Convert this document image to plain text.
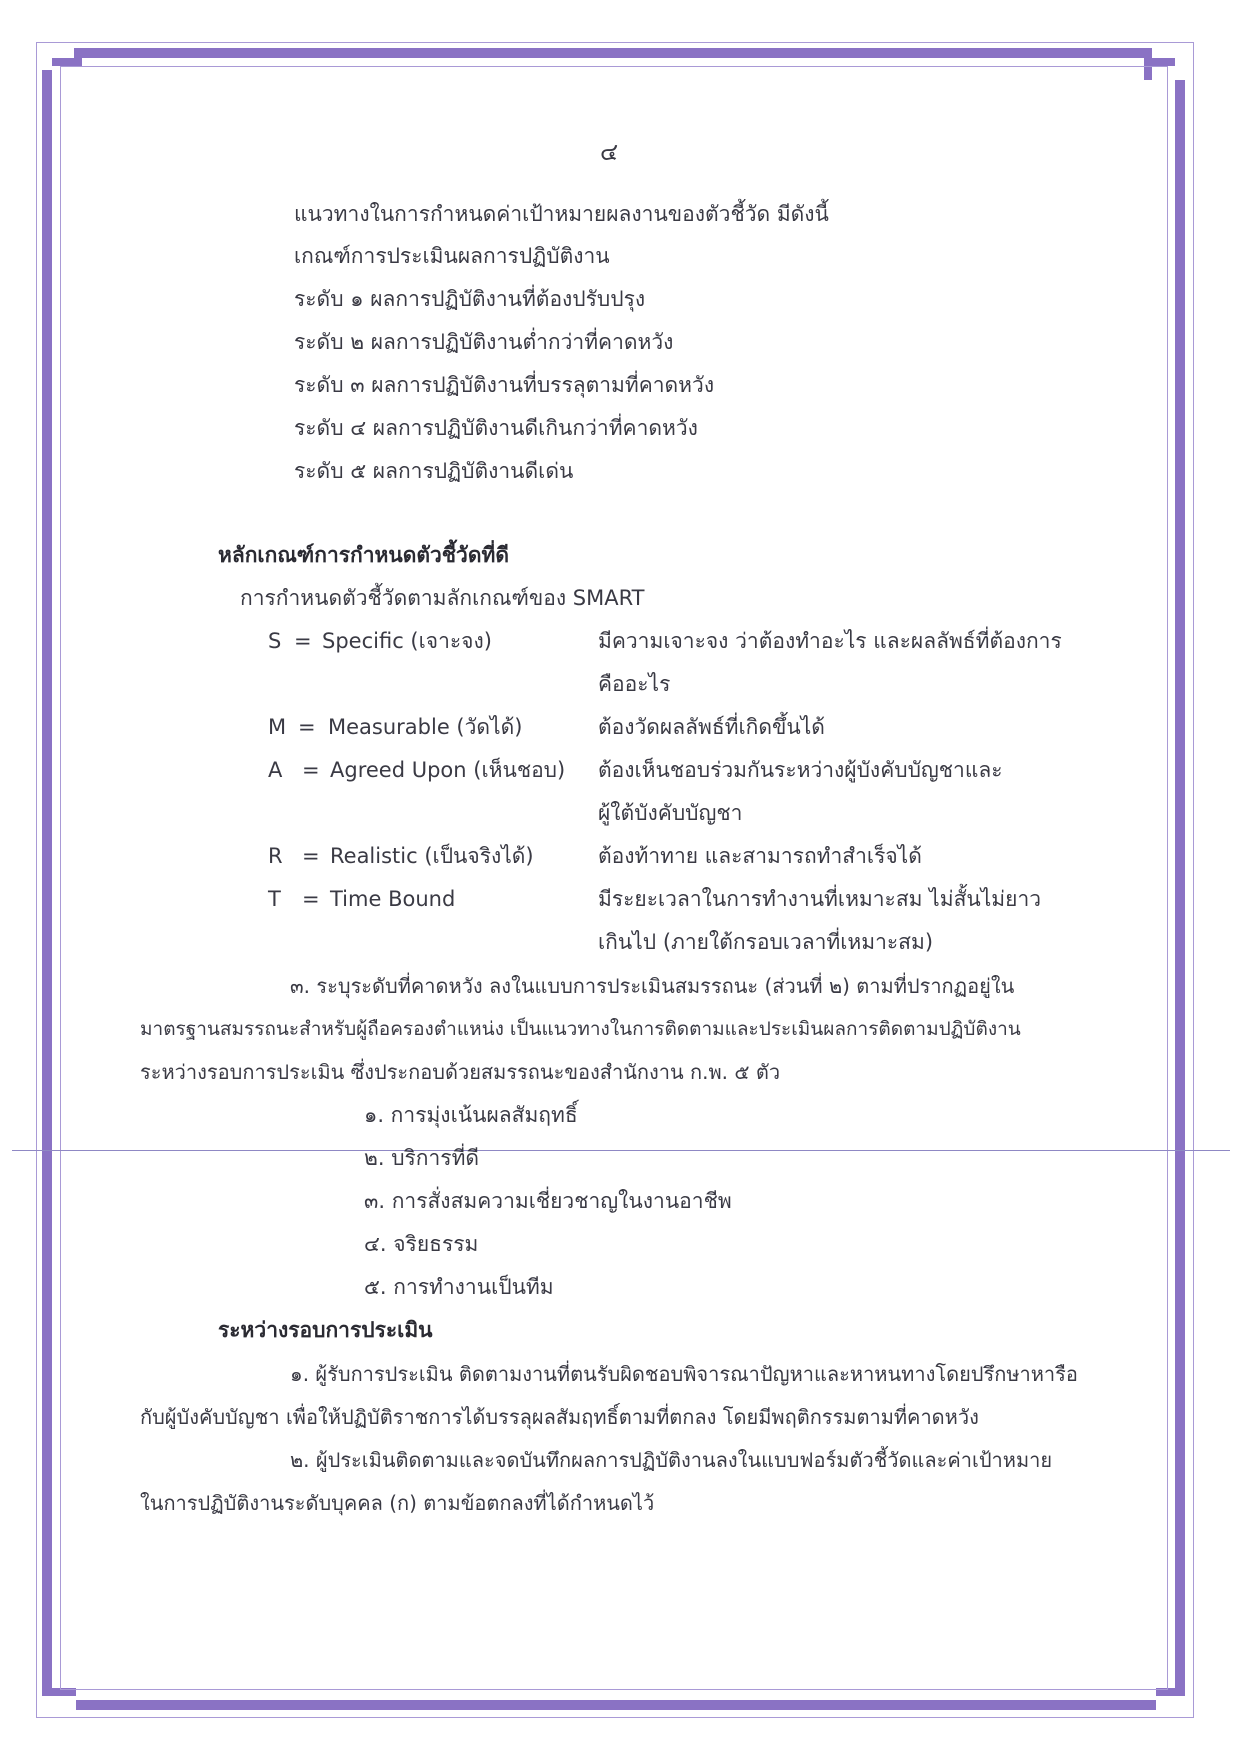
๔
แนวทางในการกำหนดค่าเป้าหมายผลงานของตัวชี้วัด มีดังนี้
เกณฑ์การประเมินผลการปฏิบัติงาน
ระดับ ๑ ผลการปฏิบัติงานที่ต้องปรับปรุง
ระดับ ๒ ผลการปฏิบัติงานต่ำกว่าที่คาดหวัง
ระดับ ๓ ผลการปฏิบัติงานที่บรรลุตามที่คาดหวัง
ระดับ ๔ ผลการปฏิบัติงานดีเกินกว่าที่คาดหวัง
ระดับ ๕ ผลการปฏิบัติงานดีเด่น
หลักเกณฑ์การกำหนดตัวชี้วัดที่ดี
การกำหนดตัวชี้วัดตามลักเกณฑ์ของ SMART
S = Specific (เจาะจง)	มีความเจาะจง ว่าต้องทำอะไร และผลลัพธ์ที่ต้องการ
คืออะไร
M = Measurable (วัดได้)	ต้องวัดผลลัพธ์ที่เกิดขึ้นได้
A = Agreed Upon (เห็นชอบ) ต้องเห็นชอบร่วมกันระหว่างผู้บังคับบัญชาและ
ผู้ใต้บังคับบัญชา
R = Realistic (เป็นจริงได้)	ต้องท้าทาย และสามารถทำสำเร็จได้
T = Time Bound	มีระยะเวลาในการทำงานที่เหมาะสม ไม่สั้นไม่ยาว
เกินไป (ภายใต้กรอบเวลาที่เหมาะสม)
๓. ระบุระดับที่คาดหวัง ลงในแบบการประเมินสมรรถนะ (ส่วนที่ ๒) ตามที่ปรากฏอยู่ใน
มาตรฐานสมรรถนะสำหรับผู้ถือครองตำแหน่ง เป็นแนวทางในการติดตามและประเมินผลการติดตามปฏิบัติงาน
ระหว่างรอบการประเมิน ซึ่งประกอบด้วยสมรรถนะของสำนักงาน ก.พ. ๕ ตัว
๑. การมุ่งเน้นผลสัมฤทธิ์
๒. บริการที่ดี
๓. การสั่งสมความเชี่ยวชาญในงานอาชีพ
๔. จริยธรรม
๕. การทำงานเป็นทีม
ระหว่างรอบการประเมิน
๑. ผู้รับการประเมิน ติดตามงานที่ตนรับผิดชอบพิจารณาปัญหาและหาหนทางโดยปรึกษาหารือ
กับผู้บังคับบัญชา เพื่อให้ปฏิบัติราชการได้บรรลุผลสัมฤทธิ์ตามที่ตกลง โดยมีพฤติกรรมตามที่คาดหวัง
๒. ผู้ประเมินติดตามและจดบันทึกผลการปฏิบัติงานลงในแบบฟอร์มตัวชี้วัดและค่าเป้าหมาย
ในการปฏิบัติงานระดับบุคคล (ก) ตามข้อตกลงที่ได้กำหนดไว้
